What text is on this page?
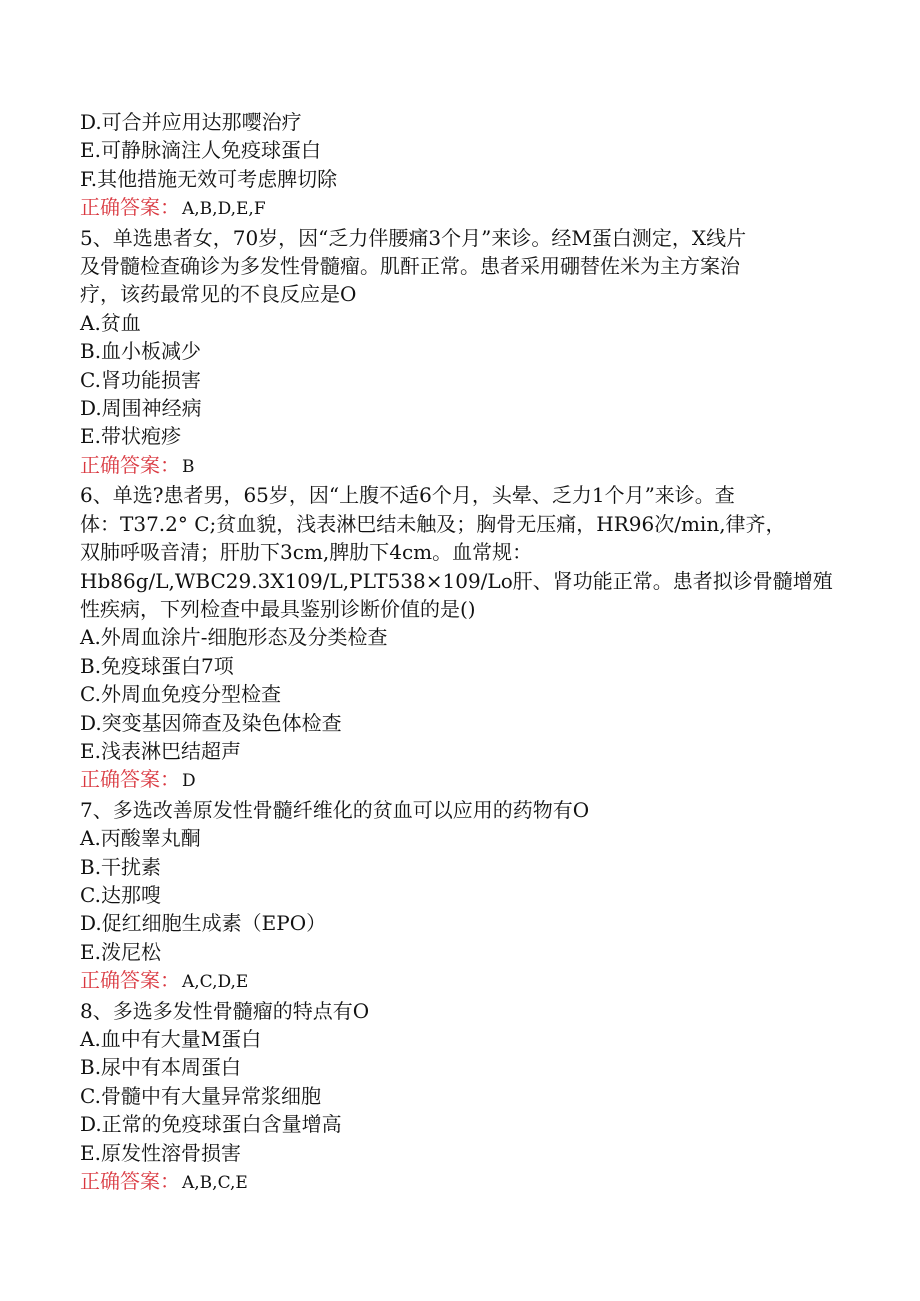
D.可合并应用达那嘤治疗

E.可静脉滴注人免疫球蛋白

F.其他措施无效可考虑脾切除

正确答案： A,B,D,E,F

5、单选患者女，70岁，因“乏力伴腰痛3个月”来诊。经M蛋白测定，X线片

及骨髓检查确诊为多发性骨髓瘤。肌酐正常。患者采用硼替佐米为主方案治

疗，该药最常见的不良反应是O

A.贫血

B.血小板减少

C.肾功能损害

D.周围神经病

E.带状疱疹

正确答案： B

6、单选?患者男，65岁，因“上腹不适6个月，头晕、乏力1个月”来诊。查

体：T37.2° C;贫血貌，浅表淋巴结未触及；胸骨无压痛，HR96次/min,律齐，

双肺呼吸音清；肝肋下3cm,脾肋下4cm。血常规：

Hb86g/L,WBC29.3X109/L,PLT538×109/Lo肝、肾功能正常。患者拟诊骨髓增殖

性疾病，下列检查中最具鉴别诊断价值的是()

A.外周血涂片-细胞形态及分类检查

B.免疫球蛋白7项

C.外周血免疫分型检查

D.突变基因筛查及染色体检查

E.浅表淋巴结超声

正确答案： D

7、多选改善原发性骨髓纤维化的贫血可以应用的药物有O

A.丙酸睾丸酮

B.干扰素

C.达那嗖

D.促红细胞生成素（EPO）

E.泼尼松

正确答案： A,C,D,E

8、多选多发性骨髓瘤的特点有O

A.血中有大量M蛋白

B.尿中有本周蛋白

C.骨髓中有大量异常浆细胞

D.正常的免疫球蛋白含量增高

E.原发性溶骨损害

正确答案： A,B,C,E
